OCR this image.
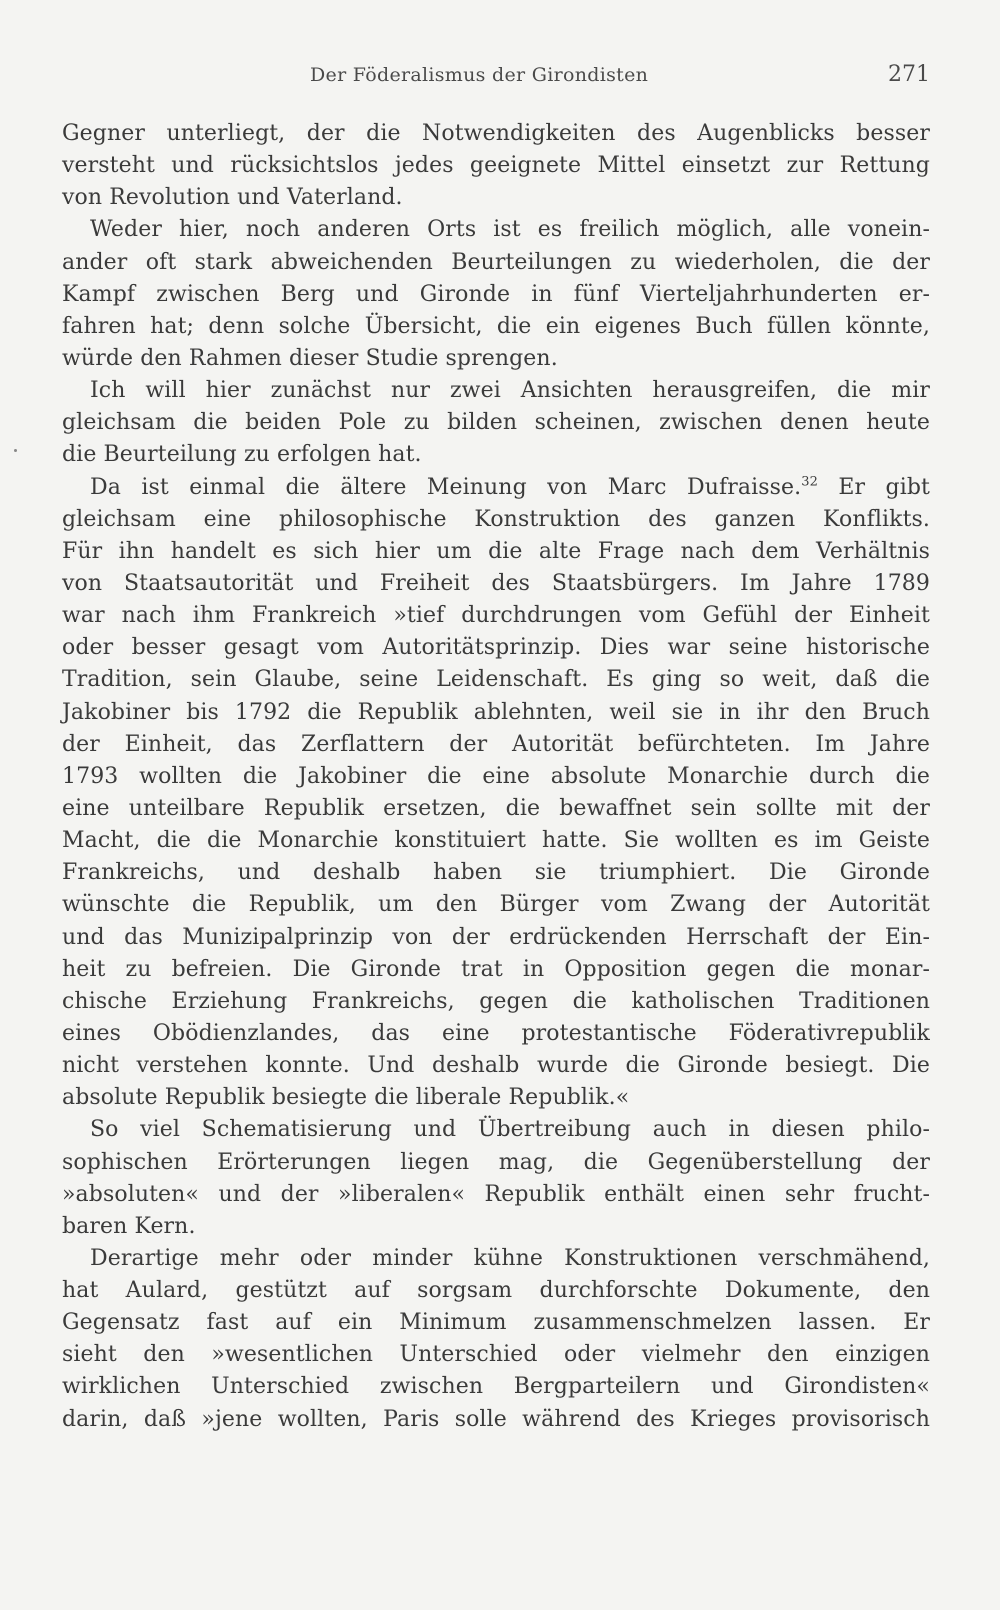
Der Föderalismus der Girondisten	271
Gegner unterliegt, der die Notwendigkeiten des Augenblicks besser
versteht und rücksichtslos jedes geeignete Mittel einsetzt zur Rettung
von Revolution und Vaterland.
Weder hier, noch anderen Orts ist es freilich möglich, alle vonein-
ander oft stark abweichenden Beurteilungen zu wiederholen, die der
Kampf zwischen Berg und Gironde in fünf Vierteljahrhunderten er-
fahren hat; denn solche Übersicht, die ein eigenes Buch füllen könnte,
würde den Rahmen dieser Studie sprengen.
Ich will hier zunächst nur zwei Ansichten herausgreifen, die mir
gleichsam die beiden Pole zu bilden scheinen, zwischen denen heute
die Beurteilung zu erfolgen hat.
Da ist einmal die ältere Meinung von Marc Dufraisse.$^{32}$ Er gibt
gleichsam eine philosophische Konstruktion des ganzen Konflikts.
Für ihn handelt es sich hier um die alte Frage nach dem Verhältnis
von Staatsautorität und Freiheit des Staatsbürgers. Im Jahre 1789
war nach ihm Frankreich »tief durchdrungen vom Gefühl der Einheit
oder besser gesagt vom Autoritätsprinzip. Dies war seine historische
Tradition, sein Glaube, seine Leidenschaft. Es ging so weit, daß die
Jakobiner bis 1792 die Republik ablehnten, weil sie in ihr den Bruch
der Einheit, das Zerflattern der Autorität befürchteten. Im Jahre
1793 wollten die Jakobiner die eine absolute Monarchie durch die
eine unteilbare Republik ersetzen, die bewaffnet sein sollte mit der
Macht, die die Monarchie konstituiert hatte. Sie wollten es im Geiste
Frankreichs, und deshalb haben sie triumphiert. Die Gironde
wünschte die Republik, um den Bürger vom Zwang der Autorität
und das Munizipalprinzip von der erdrückenden Herrschaft der Ein-
heit zu befreien. Die Gironde trat in Opposition gegen die monar-
chische Erziehung Frankreichs, gegen die katholischen Traditionen
eines Obödienzlandes, das eine protestantische Föderativrepublik
nicht verstehen konnte. Und deshalb wurde die Gironde besiegt. Die
absolute Republik besiegte die liberale Republik.«
So viel Schematisierung und Übertreibung auch in diesen philo-
sophischen Erörterungen liegen mag, die Gegenüberstellung der
»absoluten« und der »liberalen« Republik enthält einen sehr frucht-
baren Kern.
Derartige mehr oder minder kühne Konstruktionen verschmähend,
hat Aulard, gestützt auf sorgsam durchforschte Dokumente, den
Gegensatz fast auf ein Minimum zusammenschmelzen lassen. Er
sieht den »wesentlichen Unterschied oder vielmehr den einzigen
wirklichen Unterschied zwischen Bergparteilern und Girondisten«
darin, daß »jene wollten, Paris solle während des Krieges provisorisch
